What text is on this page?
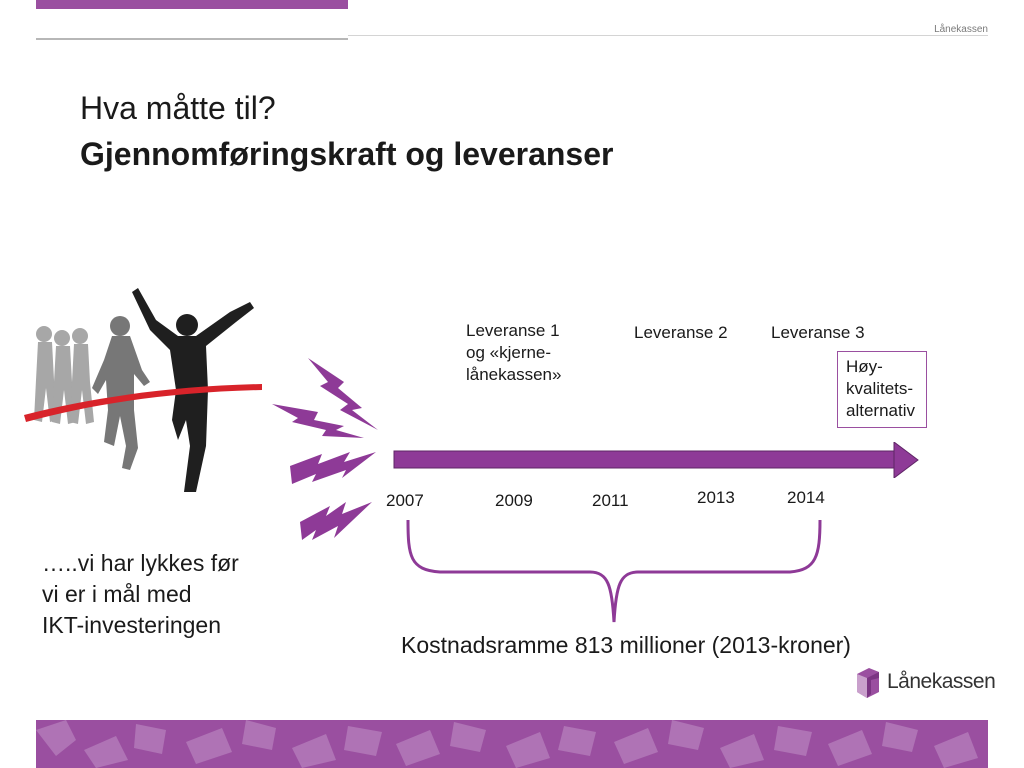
Lånekassen
Hva måtte til?
Gjennomføringskraft og leveranser
Leveranse 1
og «kjerne-
lånekassen»
Leveranse 2	Leveranse 3
Høy-
kvalitets-
alternativ
2007	2009	2011	2013	2014
Kostnadsramme 813 millioner (2013-kroner)
…..vi har lykkes før
vi er i mål med
IKT-investeringen
Lånekassen
